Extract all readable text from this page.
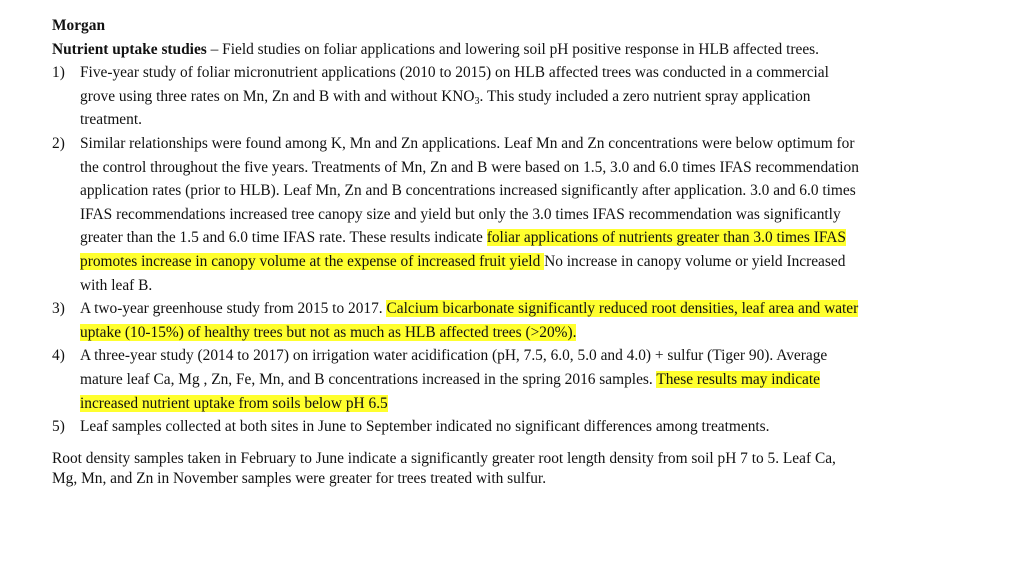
Morgan
Nutrient uptake studies – Field studies on foliar applications and lowering soil pH positive response in HLB affected trees.
1) Five-year study of foliar micronutrient applications (2010 to 2015) on HLB affected trees was conducted in a commercial grove using three rates on Mn, Zn and B with and without $KNO_3$. This study included a zero nutrient spray application treatment.
2) Similar relationships were found among K, Mn and Zn applications. Leaf Mn and Zn concentrations were below optimum for the control throughout the five years. Treatments of Mn, Zn and B were based on 1.5, 3.0 and 6.0 times IFAS recommendation application rates (prior to HLB). Leaf Mn, Zn and B concentrations increased significantly after application. 3.0 and 6.0 times IFAS recommendations increased tree canopy size and yield but only the 3.0 times IFAS recommendation was significantly greater than the 1.5 and 6.0 time IFAS rate. These results indicate foliar applications of nutrients greater than 3.0 times IFAS promotes increase in canopy volume at the expense of increased fruit yield No increase in canopy volume or yield Increased with leaf B.
3) A two-year greenhouse study from 2015 to 2017. Calcium bicarbonate significantly reduced root densities, leaf area and water uptake (10-15%) of healthy trees but not as much as HLB affected trees (>20%).
4) A three-year study (2014 to 2017) on irrigation water acidification (pH, 7.5, 6.0, 5.0 and 4.0) + sulfur (Tiger 90). Average mature leaf Ca, Mg , Zn, Fe, Mn, and B concentrations increased in the spring 2016 samples. These results may indicate increased nutrient uptake from soils below pH 6.5
5) Leaf samples collected at both sites in June to September indicated no significant differences among treatments.
Root density samples taken in February to June indicate a significantly greater root length density from soil pH 7 to 5. Leaf Ca, Mg, Mn, and Zn in November samples were greater for trees treated with sulfur.
